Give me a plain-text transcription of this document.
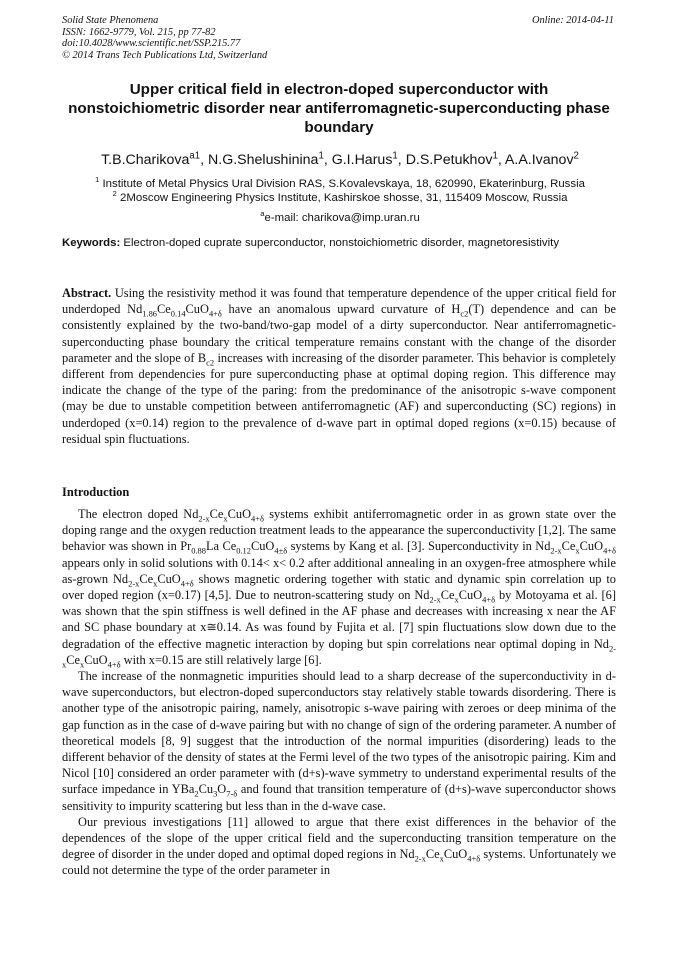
Solid State Phenomena
ISSN: 1662-9779, Vol. 215, pp 77-82
doi:10.4028/www.scientific.net/SSP.215.77
© 2014 Trans Tech Publications Ltd, Switzerland
Online: 2014-04-11
Upper critical field in electron-doped superconductor with nonstoichiometric disorder near antiferromagnetic-superconducting phase boundary
T.B.Charikova$^{a1}$, N.G.Shelushinina$^1$, G.I.Harus$^1$, D.S.Petukhov$^1$, A.A.Ivanov$^2$
$^1$ Institute of Metal Physics Ural Division RAS, S.Kovalevskaya, 18, 620990, Ekaterinburg, Russia
$^2$ 2Moscow Engineering Physics Institute, Kashirskoe shosse, 31, 115409 Moscow, Russia
$^a$e-mail: charikova@imp.uran.ru
Keywords: Electron-doped cuprate superconductor, nonstoichiometric disorder, magnetoresistivity
Abstract. Using the resistivity method it was found that temperature dependence of the upper critical field for underdoped $Nd_{1.86}Ce_{0.14}CuO_{4+\delta}$ have an anomalous upward curvature of $H_{c2}(T)$ dependence and can be consistently explained by the two-band/two-gap model of a dirty superconductor. Near antiferromagnetic-superconducting phase boundary the critical temperature remains constant with the change of the disorder parameter and the slope of $B_{c2}$ increases with increasing of the disorder parameter. This behavior is completely different from dependencies for pure superconducting phase at optimal doping region. This difference may indicate the change of the type of the paring: from the predominance of the anisotropic s-wave component (may be due to unstable competition between antiferromagnetic (AF) and superconducting (SC) regions) in underdoped (x=0.14) region to the prevalence of d-wave part in optimal doped regions (x=0.15) because of residual spin fluctuations.
Introduction

The electron doped $Nd_{2-x}Ce_xCuO_{4+\delta}$ systems exhibit antiferromagnetic order in as grown state over the doping range and the oxygen reduction treatment leads to the appearance the superconductivity [1,2]. The same behavior was shown in $Pr_{0.88}La$ $Ce_{0.12}CuO_{4\pm\delta}$ systems by Kang et al. [3]. Superconductivity in $Nd_{2-x}Ce_xCuO_{4+\delta}$ appears only in solid solutions with 0.14< x< 0.2 after additional annealing in an oxygen-free atmosphere while as-grown $Nd_{2-x}Ce_xCuO_{4+\delta}$ shows magnetic ordering together with static and dynamic spin correlation up to over doped region (x=0.17) [4,5]. Due to neutron-scattering study on $Nd_{2-x}Ce_xCuO_{4+\delta}$ by Motoyama et al. [6] was shown that the spin stiffness is well defined in the AF phase and decreases with increasing x near the AF and SC phase boundary at x≅0.14. As was found by Fujita et al. [7] spin fluctuations slow down due to the degradation of the effective magnetic interaction by doping but spin correlations near optimal doping in $Nd_{2-x}Ce_xCuO_{4+\delta}$ with x=0.15 are still relatively large [6].

The increase of the nonmagnetic impurities should lead to a sharp decrease of the superconductivity in d-wave superconductors, but electron-doped superconductors stay relatively stable towards disordering. There is another type of the anisotropic pairing, namely, anisotropic s-wave pairing with zeroes or deep minima of the gap function as in the case of d-wave pairing but with no change of sign of the ordering parameter. A number of theoretical models [8, 9] suggest that the introduction of the normal impurities (disordering) leads to the different behavior of the density of states at the Fermi level of the two types of the anisotropic pairing. Kim and Nicol [10] considered an order parameter with (d+s)-wave symmetry to understand experimental results of the surface impedance in $YBa_2Cu_3O_{7-\delta}$ and found that transition temperature of (d+s)-wave superconductor shows sensitivity to impurity scattering but less than in the d-wave case.

Our previous investigations [11] allowed to argue that there exist differences in the behavior of the dependences of the slope of the upper critical field and the superconducting transition temperature on the degree of disorder in the under doped and optimal doped regions in $Nd_{2-x}Ce_xCuO_{4+\delta}$ systems. Unfortunately we could not determine the type of the order parameter in
